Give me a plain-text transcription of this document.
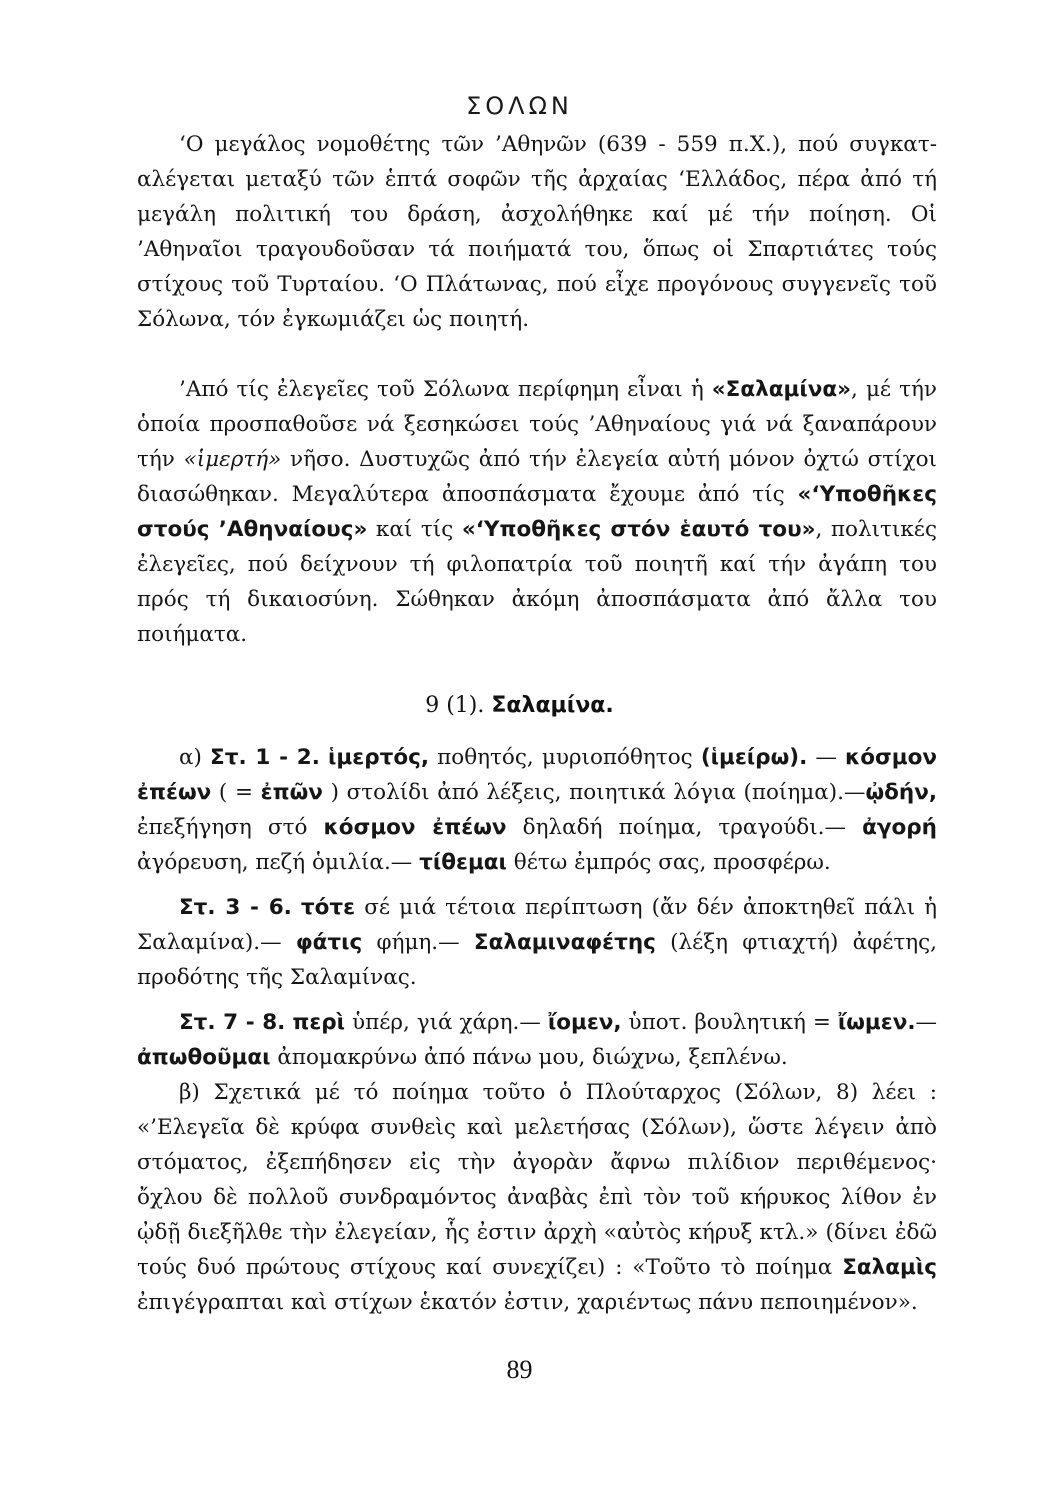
ΣΟΛΩΝ

‘Ο μεγάλος νομοθέτης τῶν ’Αθηνῶν (639 - 559 π.Χ.), πού συγκαταλέγεται μεταξύ τῶν ἑπτά σοφῶν τῆς ἀρχαίας ‘Ελλάδος, πέρα ἀπό τή μεγάλη πολιτική του δράση, ἀσχολήθηκε καί μέ τήν ποίηση. Οἱ ’Αθηναῖοι τραγουδοῦσαν τά ποιήματά του, ὅπως οἱ Σπαρτιάτες τούς στίχους τοῦ Τυρταίου. ‘Ο Πλάτωνας, πού εἶχε προγόνους συγγενεῖς τοῦ Σόλωνα, τόν ἐγκωμιάζει ὡς ποιητή.

’Από τίς ἐλεγεῖες τοῦ Σόλωνα περίφημη εἶναι ἡ «Σαλαμίνα», μέ τήν ὁποία προσπαθοῦσε νά ξεσηκώσει τούς ’Αθηναίους γιά νά ξαναπάρουν τήν «ἱμερτή» νῆσο. Δυστυχῶς ἀπό τήν ἐλεγεία αὐτή μόνον ὀχτώ στίχοι διασώθηκαν. Μεγαλύτερα ἀποσπάσματα ἔχουμε ἀπό τίς «‘Υποθῆκες στούς ’Αθηναίους» καί τίς «‘Υποθῆκες στόν ἑαυτό του», πολιτικές ἐλεγεῖες, πού δείχνουν τή φιλοπατρία τοῦ ποιητῆ καί τήν ἀγάπη του πρός τή δικαιοσύνη. Σώθηκαν ἀκόμη ἀποσπάσματα ἀπό ἄλλα του ποιήματα.

9 (1). Σαλαμίνα.

α) Στ. 1 - 2. ἱμερτός, ποθητός, μυριοπόθητος (ἱμείρω). — κόσμον ἐπέων ( = ἐπῶν ) στολίδι ἀπό λέξεις, ποιητικά λόγια (ποίημα).—ᾠδήν, ἐπεξήγηση στό κόσμον ἐπέων δηλαδή ποίημα, τραγούδι.— ἀγορή ἀγόρευση, πεζή ὁμιλία.— τίθεμαι θέτω ἐμπρός σας, προσφέρω.

Στ. 3 - 6. τότε σέ μιά τέτοια περίπτωση (ἄν δέν ἀποκτηθεῖ πάλι ἡ Σαλαμίνα).— φάτις φήμη.— Σαλαμιναφέτης (λέξη φτιαχτή) ἀφέτης, προδότης τῆς Σαλαμίνας.

Στ. 7 - 8. περὶ ὑπέρ, γιά χάρη.— ἴομεν, ὑποτ. βουλητική = ἴωμεν.— ἀπωθοῦμαι ἀπομακρύνω ἀπό πάνω μου, διώχνω, ξεπλένω.

β) Σχετικά μέ τό ποίημα τοῦτο ὁ Πλούταρχος (Σόλων, 8) λέει : «’Ελεγεῖα δὲ κρύφα συνθεὶς καὶ μελετήσας (Σόλων), ὥστε λέγειν ἀπὸ στόματος, ἐξεπήδησεν εἰς τὴν ἀγορὰν ἄφνω πιλίδιον περιθέμενος· ὄχλου δὲ πολλοῦ συνδραμόντος ἀναβὰς ἐπὶ τὸν τοῦ κήρυκος λίθον ἐν ᾠδῇ διεξῆλθε τὴν ἐλεγείαν, ἧς ἐστιν ἀρχὴ «αὐτὸς κήρυξ κτλ.» (δίνει ἐδῶ τούς δυό πρώτους στίχους καί συνεχίζει) : «Τοῦτο τὸ ποίημα Σαλαμὶς ἐπιγέγραπται καὶ στίχων ἑκατόν ἐστιν, χαριέντως πάνυ πεποιημένον».

89
